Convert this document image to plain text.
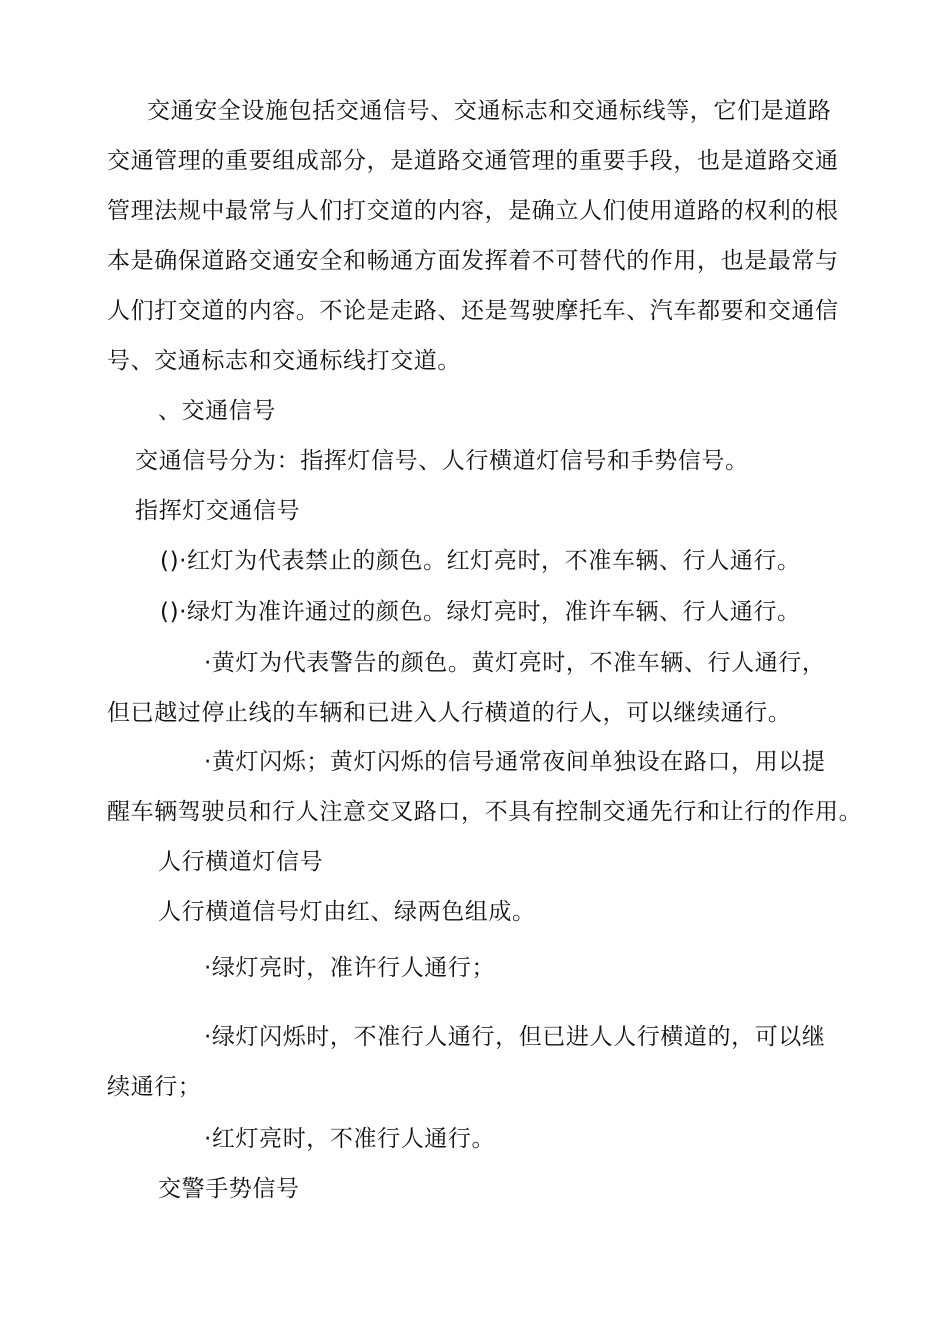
交通安全设施包括交通信号、交通标志和交通标线等，它们是道路
交通管理的重要组成部分，是道路交通管理的重要手段，也是道路交通
管理法规中最常与人们打交道的内容，是确立人们使用道路的权利的根
本是确保道路交通安全和畅通方面发挥着不可替代的作用，也是最常与
人们打交道的内容。不论是走路、还是驾驶摩托车、汽车都要和交通信
号、交通标志和交通标线打交道。
、交通信号
交通信号分为：指挥灯信号、人行横道灯信号和手势信号。
指挥灯交通信号
()·红灯为代表禁止的颜色。红灯亮时，不准车辆、行人通行。
()·绿灯为准许通过的颜色。绿灯亮时，准许车辆、行人通行。
·黄灯为代表警告的颜色。黄灯亮时，不准车辆、行人通行，
但已越过停止线的车辆和已进入人行横道的行人，可以继续通行。
·黄灯闪烁；黄灯闪烁的信号通常夜间单独设在路口，用以提
醒车辆驾驶员和行人注意交叉路口，不具有控制交通先行和让行的作用。
人行横道灯信号
人行横道信号灯由红、绿两色组成。
·绿灯亮时，准许行人通行；
·绿灯闪烁时，不准行人通行，但已进人人行横道的，可以继
续通行；
·红灯亮时，不准行人通行。
交警手势信号
